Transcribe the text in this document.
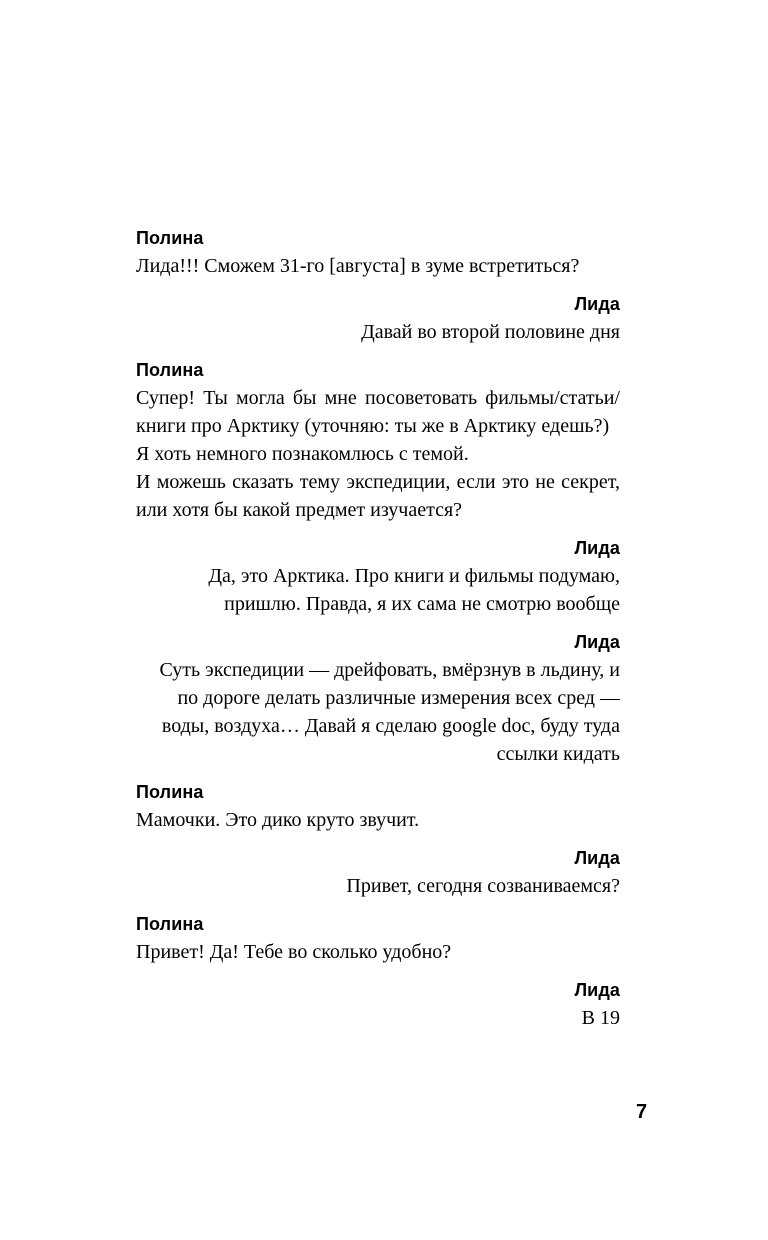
Полина

Лида!!! Сможем 31-го [августа] в зуме встретиться?

Лида

Давай во второй половине дня

Полина

Супер! Ты могла бы мне посоветовать фильмы/статьи/книги про Арктику (уточняю: ты же в Арктику едешь?)

Я хоть немного познакомлюсь с темой.

И можешь сказать тему экспедиции, если это не секрет, или хотя бы какой предмет изучается?

Лида

Да, это Арктика. Про книги и фильмы подумаю, пришлю. Правда, я их сама не смотрю вообще

Лида

Суть экспедиции — дрейфовать, вмёрзнув в льдину, и по дороге делать различные измерения всех сред — воды, воздуха… Давай я сделаю google doc, буду туда ссылки кидать

Полина

Мамочки. Это дико круто звучит.

Лида

Привет, сегодня созваниваемся?

Полина

Привет! Да! Тебе во сколько удобно?

Лида

В 19

7
